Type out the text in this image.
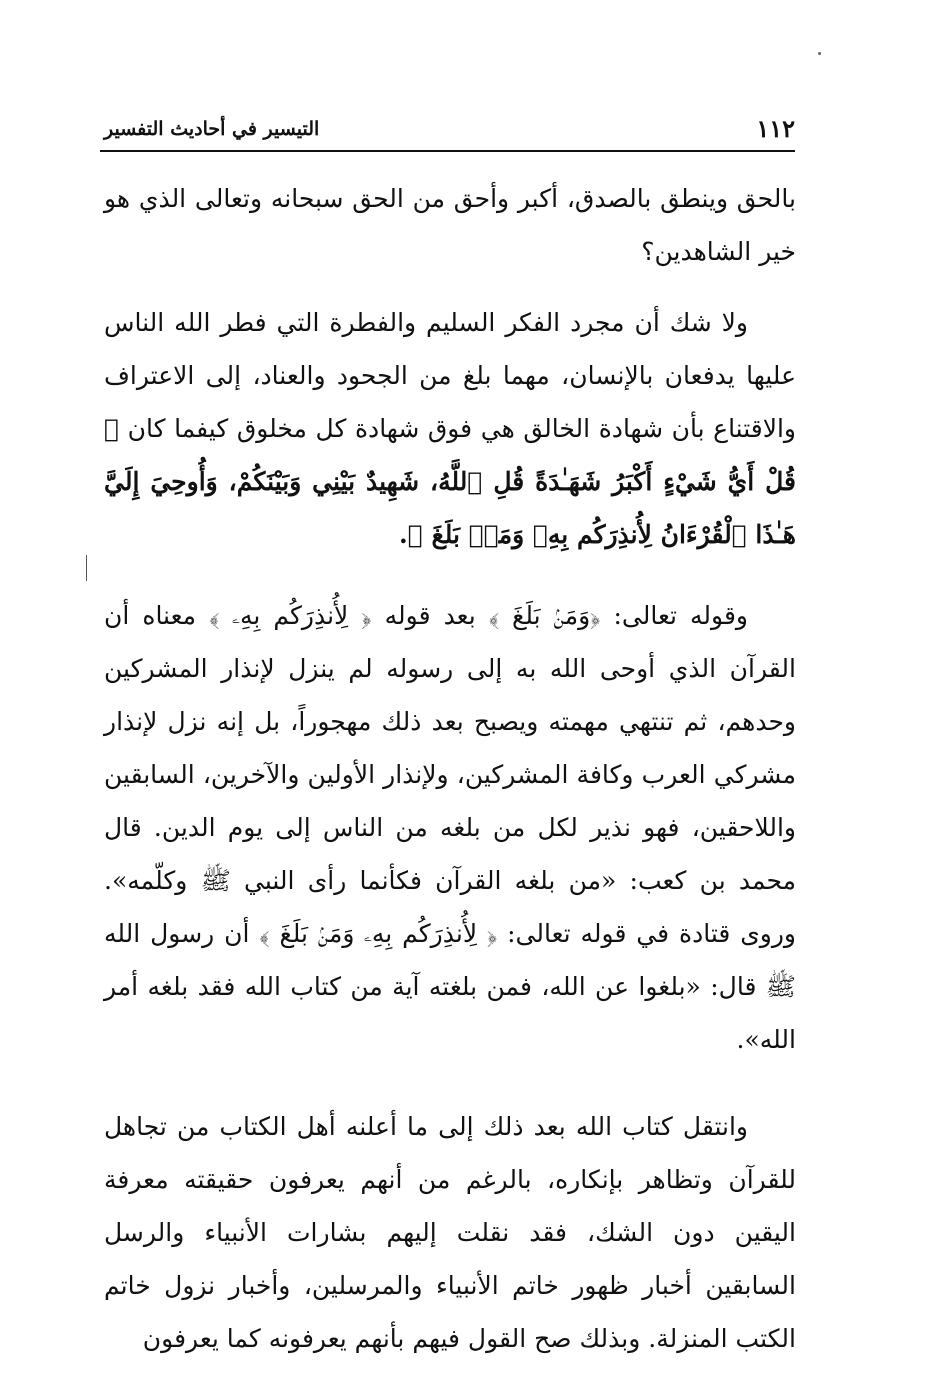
١١٢
التيسير في أحاديث التفسير

بالحق وينطق بالصدق، أكبر وأحق من الحق سبحانه وتعالى الذي هو خير الشاهدين؟

ولا شك أن مجرد الفكر السليم والفطرة التي فطر الله الناس عليها يدفعان بالإنسان، مهما بلغ من الجحود والعناد، إلى الاعتراف والاقتناع بأن شهادة الخالق هي فوق شهادة كل مخلوق كيفما كان ﴿ قُلْ أَيُّ شَيْءٍ أَكْبَرُ شَهَـٰدَةً قُلِ ٱللَّهُ، شَهِيدٌ بَيْنِي وَبَيْنَكُمْ، وَأُوحِيَ إِلَيَّ هَـٰذَا ٱلْقُرْءَانُ لِأُنذِرَكُم بِهِۦ وَمَنۢ بَلَغَ ﴾.

وقوله تعالى: ﴿وَمَنۢ بَلَغَ ﴾ بعد قوله ﴿ لِأُنذِرَكُم بِهِۦ ﴾ معناه أن القرآن الذي أوحى الله به إلى رسوله لم ينزل لإنذار المشركين وحدهم، ثم تنتهي مهمته ويصبح بعد ذلك مهجوراً، بل إنه نزل لإنذار مشركي العرب وكافة المشركين، ولإنذار الأولين والآخرين، السابقين واللاحقين، فهو نذير لكل من بلغه من الناس إلى يوم الدين. قال محمد بن كعب: «من بلغه القرآن فكأنما رأى النبي ﷺ وكلّمه». وروى قتادة في قوله تعالى: ﴿ لِأُنذِرَكُم بِهِۦ وَمَنۢ بَلَغَ ﴾ أن رسول الله ﷺ قال: «بلغوا عن الله، فمن بلغته آية من كتاب الله فقد بلغه أمر الله».

وانتقل كتاب الله بعد ذلك إلى ما أعلنه أهل الكتاب من تجاهل للقرآن وتظاهر بإنكاره، بالرغم من أنهم يعرفون حقيقته معرفة اليقين دون الشك، فقد نقلت إليهم بشارات الأنبياء والرسل السابقين أخبار ظهور خاتم الأنبياء والمرسلين، وأخبار نزول خاتم الكتب المنزلة. وبذلك صح القول فيهم بأنهم يعرفونه كما يعرفون
